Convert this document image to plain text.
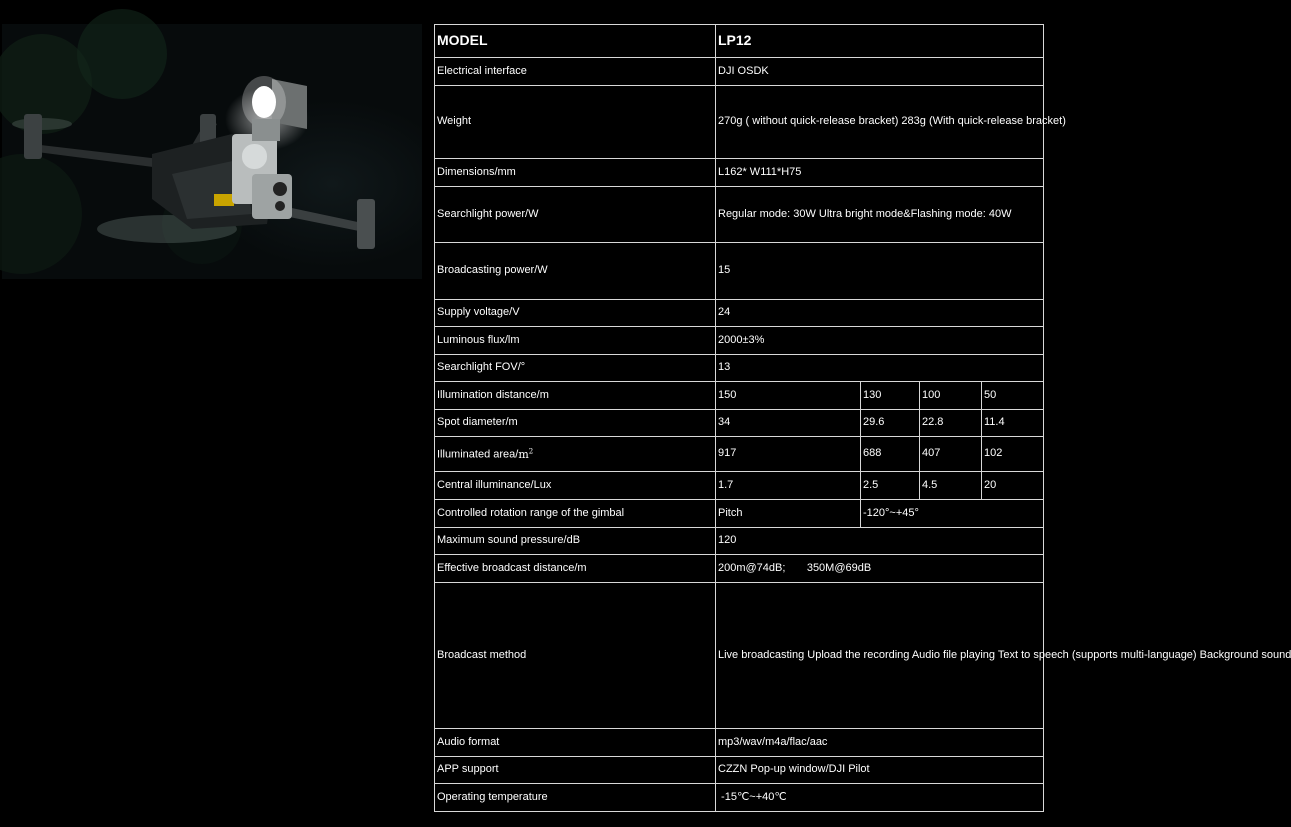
MODEL	LP12			
Electrical interface	DJI OSDK			
Weight	270g ( without quick-release bracket) 283g (With quick-release bracket)			
Dimensions/mm	L162* W111*H75			
Searchlight power/W	Regular mode: 30W Ultra bright mode&Flashing mode: 40W			
Broadcasting power/W	15			
Supply voltage/V	24			
Luminous flux/lm	2000±3%			
Searchlight FOV/°	13			
Illumination distance/m	150	130	100	50
Spot diameter/m	34	29.6	22.8	11.4
Illuminated area/$m^2$	917	688	407	102
Central illuminance/Lux	1.7	2.5	4.5	20
Controlled rotation range of the gimbal	Pitch	-120°~+45°		
Maximum sound pressure/dB	120			
Effective broadcast distance/m	200m@74dB;       350M@69dB			
Broadcast method	Live broadcasting Upload the recording Audio file playing Text to speech (supports multi-language) Background sound			
Audio format	mp3/wav/m4a/flac/aac			
APP support	CZZN Pop-up window/DJI Pilot			
Operating temperature	-15℃~+40℃			
